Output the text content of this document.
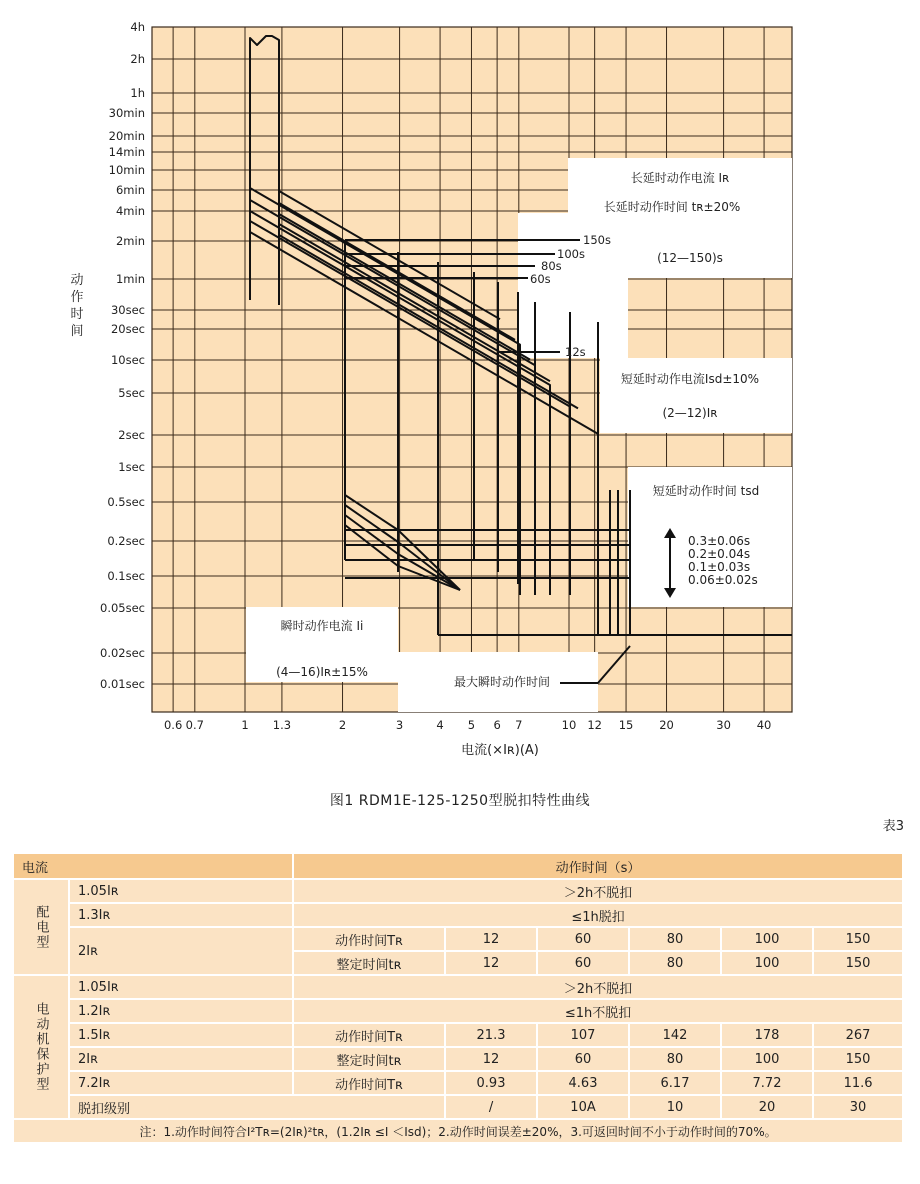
0.6 0.7	1 1.3	2	3	4 5 6 7	10 12 15 20	30 40
4h
2h
1h
30min
20min
14min
10min
6min
4min
2min
1min
30sec
20sec
10sec
5sec
2sec
1sec
0.5sec
0.2sec
0.1sec
0.05sec
0.02sec
0.01sec
电流(×Iʀ)(A)
动作时间
150s
100s
80s
60s
12s
长延时动作电流 Iʀ
长延时动作时间 tʀ±20%
(12—150)s
短延时动作电流Isd±10%
(2—12)Iʀ
短延时动作时间 tsd
0.3±0.06s
0.2±0.04s
0.1±0.03s
0.06±0.02s
瞬时动作电流 Ii
(4—16)Iʀ±15%
最大瞬时动作时间
图1 RDM1E-125-1250型脱扣特性曲线
表3
电流		动作时间（s）					
配电型	1.05Iʀ	＞2h不脱扣					
	1.3Iʀ	≤1h脱扣					
	2Iʀ	动作时间Tʀ	12	60	80	100	150
		整定时间tʀ	12	60	80	100	150
电动机保护型	1.05Iʀ	＞2h不脱扣					
	1.2Iʀ	≤1h不脱扣					
	1.5Iʀ	动作时间Tʀ	21.3	107	142	178	267
	2Iʀ	整定时间tʀ	12	60	80	100	150
	7.2Iʀ	动作时间Tʀ	0.93	4.63	6.17	7.72	11.6
	脱扣级别		/	10A	10	20	30
注：1.动作时间符合I²Tʀ=(2Iʀ)²tʀ，(1.2Iʀ ≤I ＜Isd)；2.动作时间误差±20%，3.可返回时间不小于动作时间的70%。							
